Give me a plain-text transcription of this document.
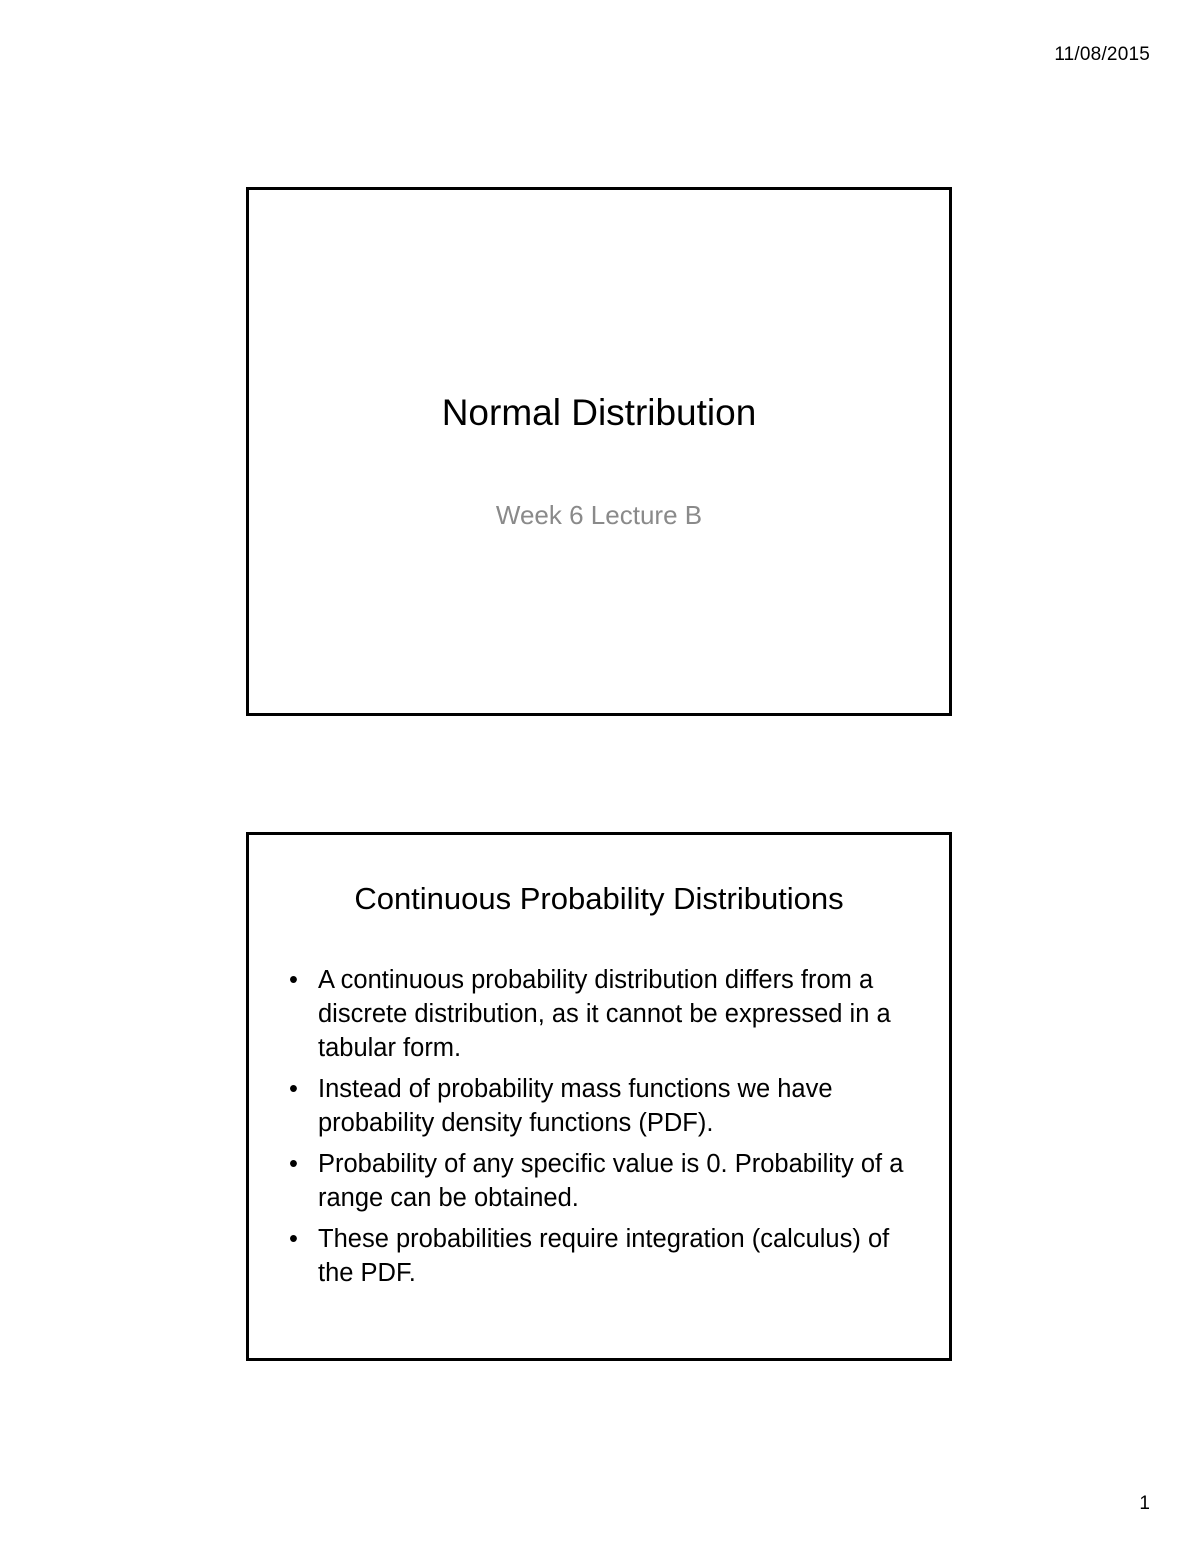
11/08/2015
Normal Distribution
Week 6 Lecture B
Continuous Probability Distributions
• A continuous probability distribution differs from a discrete distribution, as it cannot be expressed in a tabular form.
• Instead of probability mass functions we have probability density functions (PDF).
• Probability of any specific value is 0. Probability of a range can be obtained.
• These probabilities require integration (calculus) of the PDF.
1
